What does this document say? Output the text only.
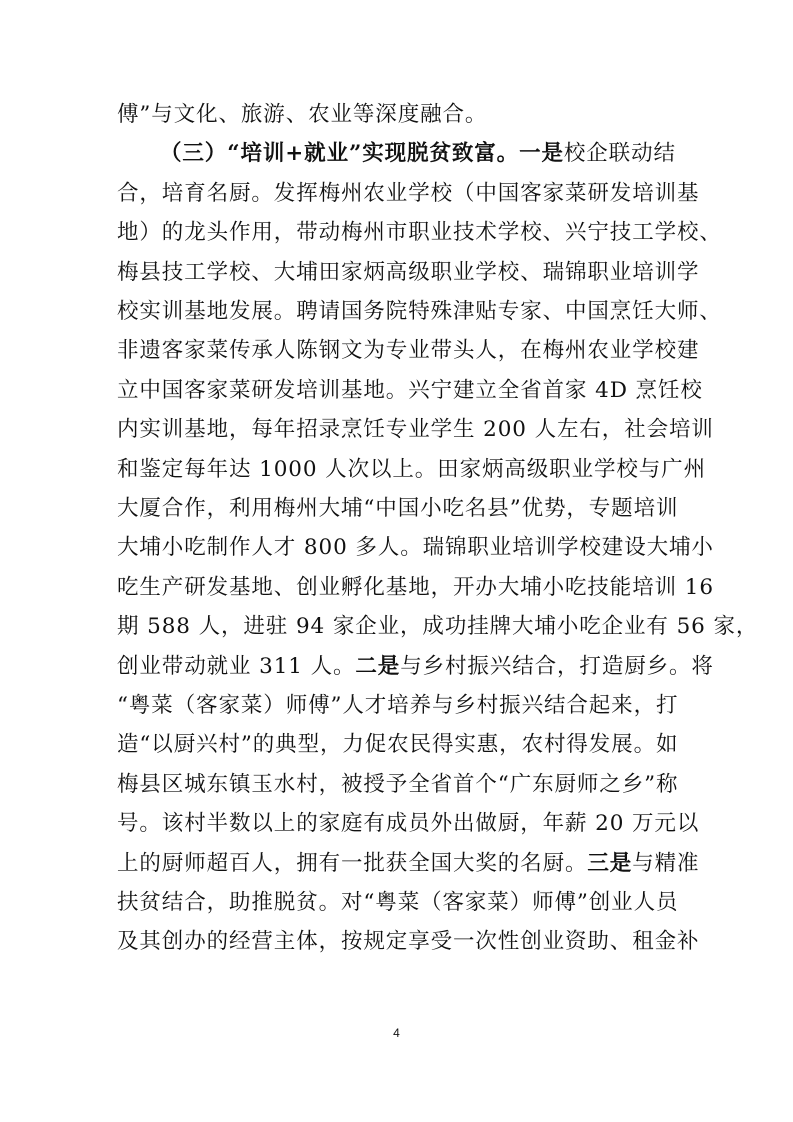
傅”与文化、旅游、农业等深度融合。
（三）“培训+就业”实现脱贫致富。一是校企联动结
合，培育名厨。发挥梅州农业学校（中国客家菜研发培训基
地）的龙头作用，带动梅州市职业技术学校、兴宁技工学校、
梅县技工学校、大埔田家炳高级职业学校、瑞锦职业培训学
校实训基地发展。聘请国务院特殊津贴专家、中国烹饪大师、
非遗客家菜传承人陈钢文为专业带头人，在梅州农业学校建
立中国客家菜研发培训基地。兴宁建立全省首家 4D 烹饪校
内实训基地，每年招录烹饪专业学生 200 人左右，社会培训
和鉴定每年达 1000 人次以上。田家炳高级职业学校与广州
大厦合作，利用梅州大埔“中国小吃名县”优势，专题培训
大埔小吃制作人才 800 多人。瑞锦职业培训学校建设大埔小
吃生产研发基地、创业孵化基地，开办大埔小吃技能培训 16
期 588 人，进驻 94 家企业，成功挂牌大埔小吃企业有 56 家，
创业带动就业 311 人。二是与乡村振兴结合，打造厨乡。将
“粤菜（客家菜）师傅”人才培养与乡村振兴结合起来，打
造“以厨兴村”的典型，力促农民得实惠，农村得发展。如
梅县区城东镇玉水村，被授予全省首个“广东厨师之乡”称
号。该村半数以上的家庭有成员外出做厨，年薪 20 万元以
上的厨师超百人，拥有一批获全国大奖的名厨。三是与精准
扶贫结合，助推脱贫。对“粤菜（客家菜）师傅”创业人员
及其创办的经营主体，按规定享受一次性创业资助、租金补
4
